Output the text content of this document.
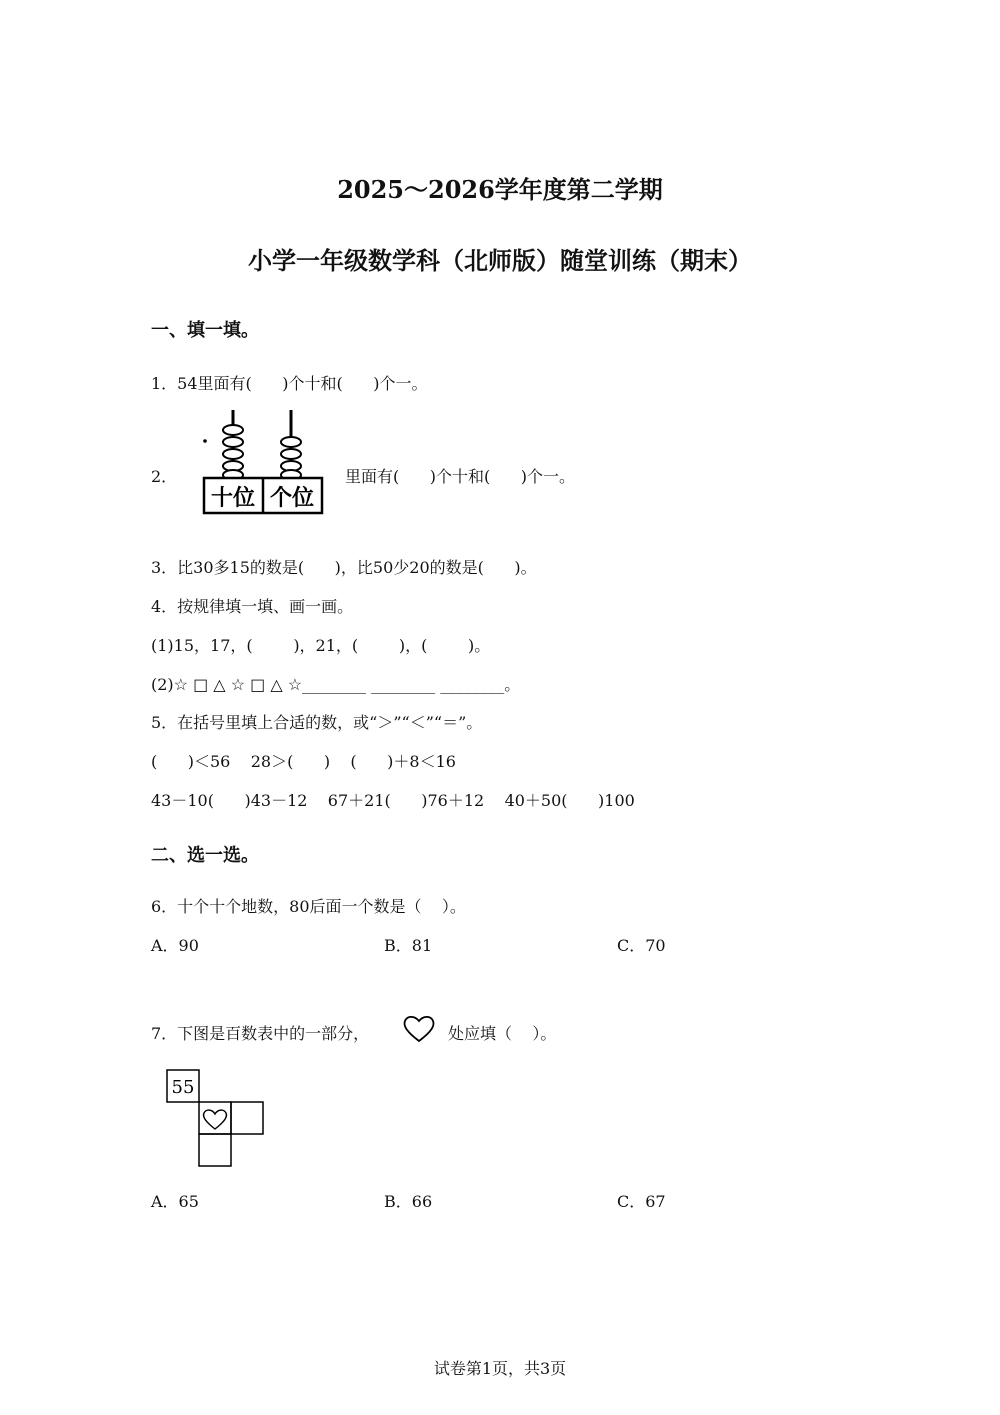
2025～2026学年度第二学期
小学一年级数学科（北师版）随堂训练（期末）
一、填一填。
1．54里面有(      )个十和(      )个一。
2．
十位 个位
里面有(      )个十和(      )个一。
3．比30多15的数是(      )，比50少20的数是(      )。
4．按规律填一填、画一画。
(1)15，17，(        )，21，(        )，(        )。
(2)☆ □ △ ☆ □ △ ☆________ ________ ________。
5．在括号里填上合适的数，或“＞”“＜”“＝”。
(      )＜56    28＞(      )    (      )＋8＜16
43－10(      )43－12    67＋21(      )76＋12    40＋50(      )100
二、选一选。
6．十个十个地数，80后面一个数是（    ）。
A．90	B．81	C．70
7．下图是百数表中的一部分，	处应填（    ）。
55
A．65	B．66	C．67
试卷第1页，共3页
